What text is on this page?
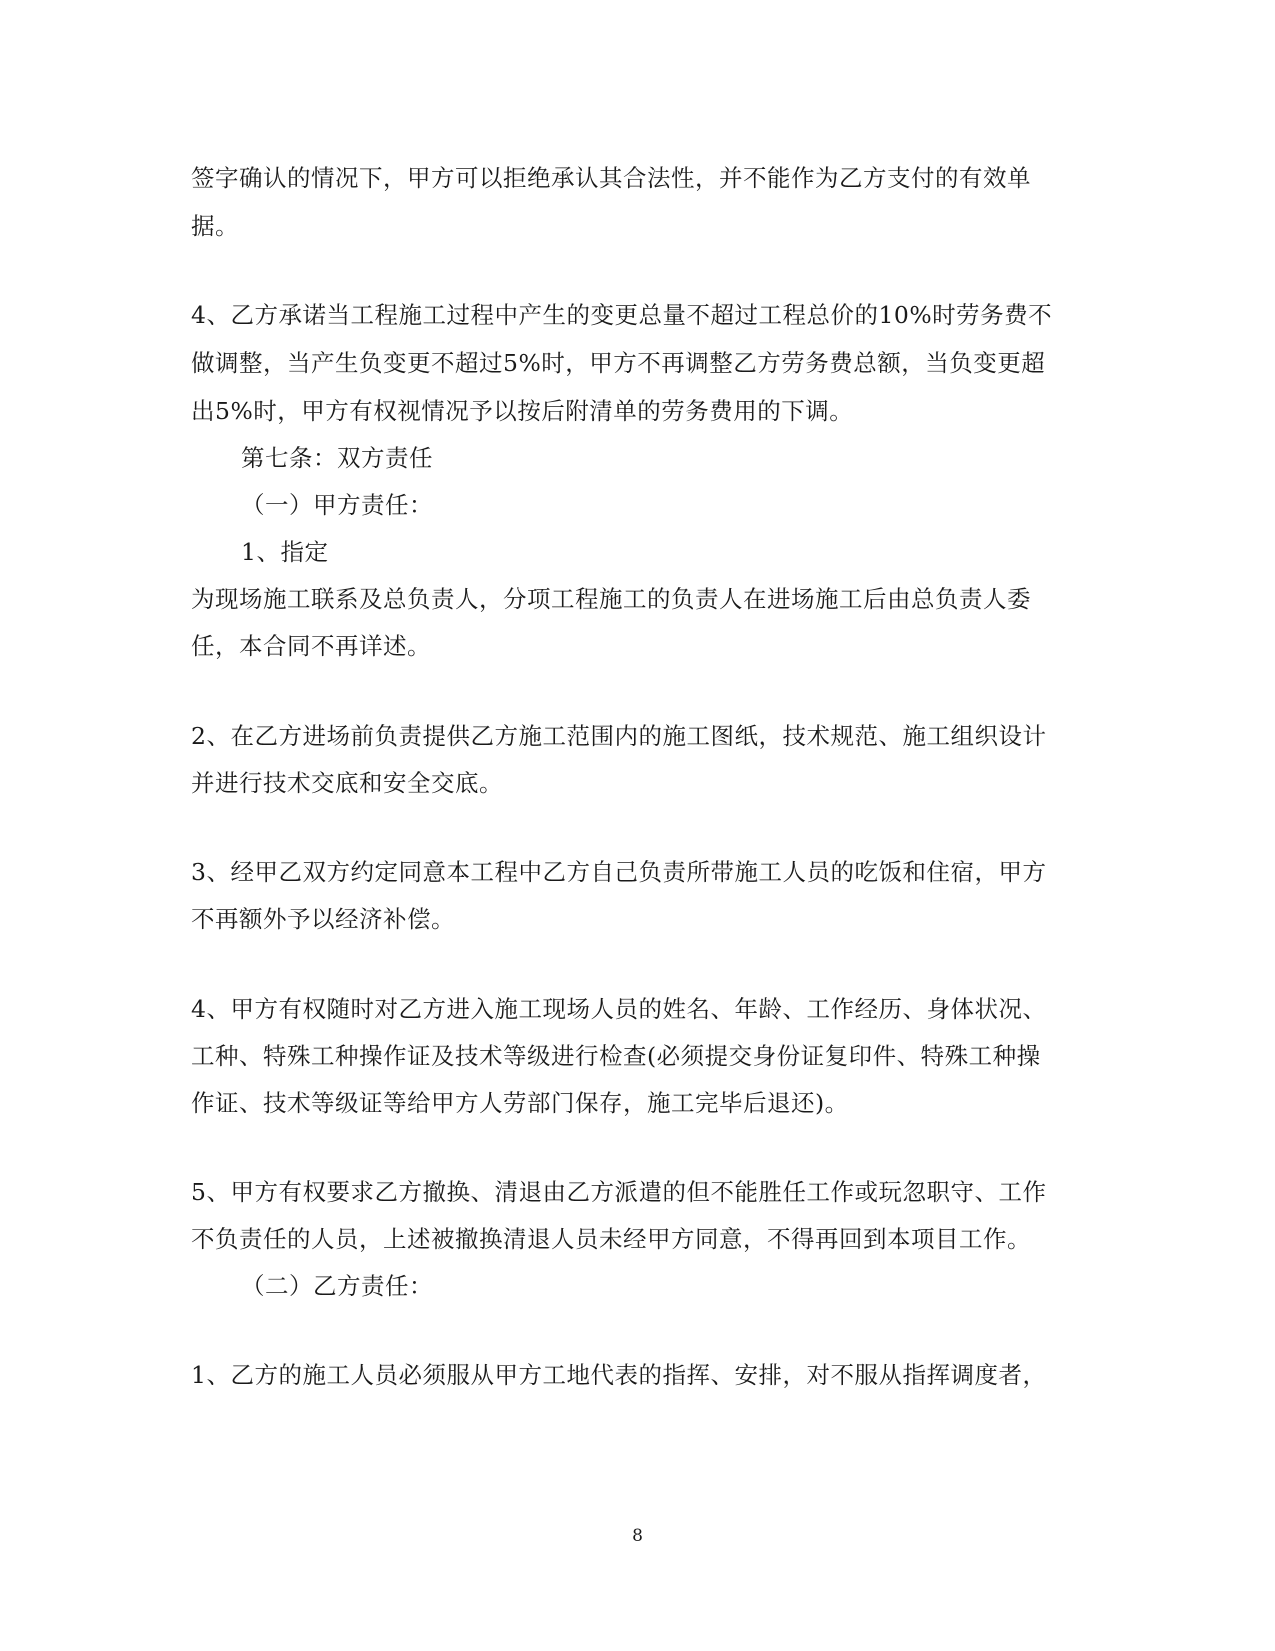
签字确认的情况下，甲方可以拒绝承认其合法性，并不能作为乙方支付的有效单
据。
4、乙方承诺当工程施工过程中产生的变更总量不超过工程总价的10%时劳务费不
做调整，当产生负变更不超过5%时，甲方不再调整乙方劳务费总额，当负变更超
出5%时，甲方有权视情况予以按后附清单的劳务费用的下调。
第七条：双方责任
（一）甲方责任：
1、指定
为现场施工联系及总负责人，分项工程施工的负责人在进场施工后由总负责人委
任，本合同不再详述。
2、在乙方进场前负责提供乙方施工范围内的施工图纸，技术规范、施工组织设计
并进行技术交底和安全交底。
3、经甲乙双方约定同意本工程中乙方自己负责所带施工人员的吃饭和住宿，甲方
不再额外予以经济补偿。
4、甲方有权随时对乙方进入施工现场人员的姓名、年龄、工作经历、身体状况、
工种、特殊工种操作证及技术等级进行检查(必须提交身份证复印件、特殊工种操
作证、技术等级证等给甲方人劳部门保存，施工完毕后退还)。
5、甲方有权要求乙方撤换、清退由乙方派遣的但不能胜任工作或玩忽职守、工作
不负责任的人员，上述被撤换清退人员未经甲方同意，不得再回到本项目工作。
（二）乙方责任：
1、乙方的施工人员必须服从甲方工地代表的指挥、安排，对不服从指挥调度者，
8
